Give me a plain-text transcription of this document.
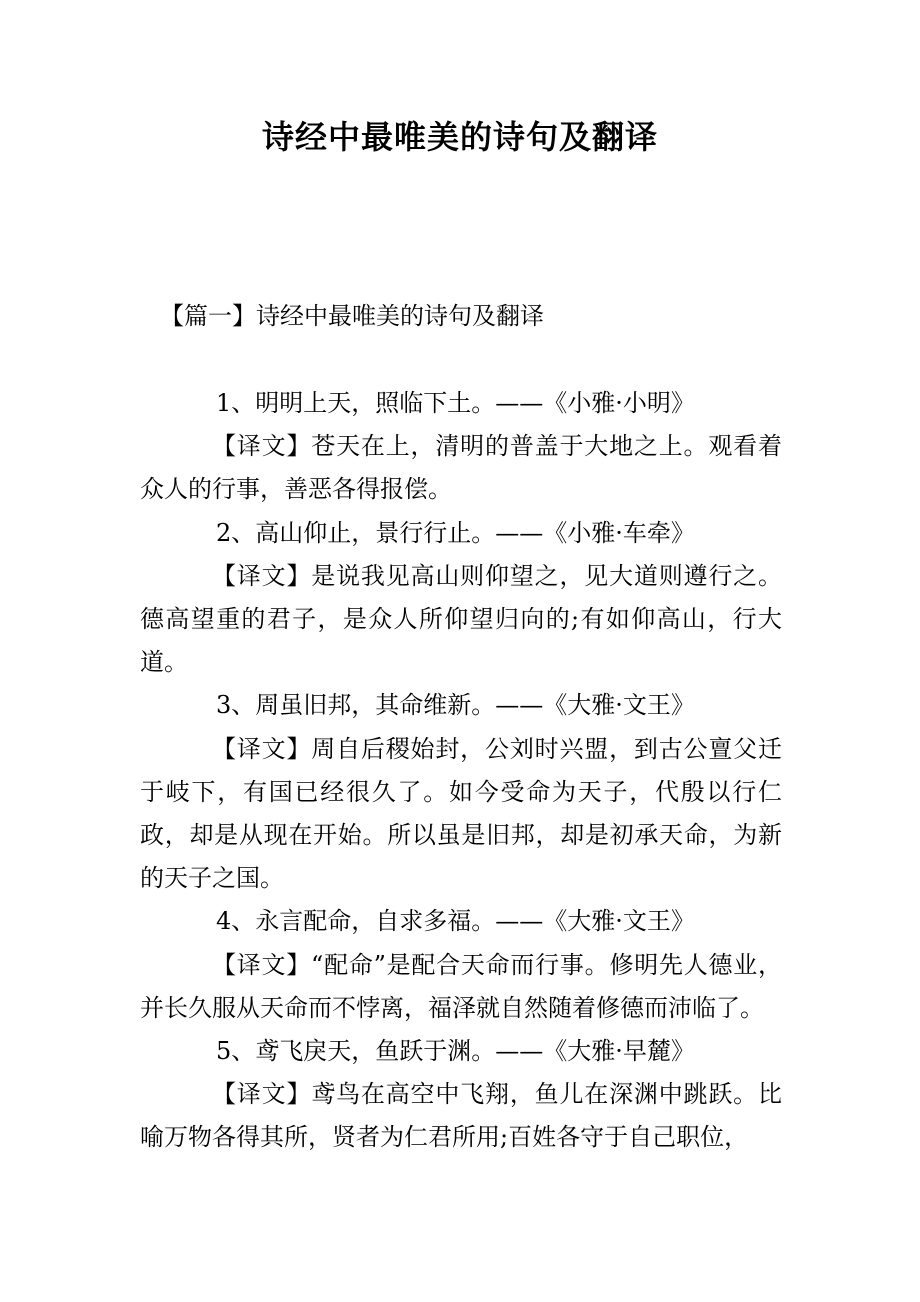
诗经中最唯美的诗句及翻译
【篇一】诗经中最唯美的诗句及翻译

1、明明上天，照临下土。——《小雅·小明》

【译文】苍天在上，清明的普盖于大地之上。观看着众人的行事，善恶各得报偿。

2、高山仰止，景行行止。——《小雅·车牵》

【译文】是说我见高山则仰望之，见大道则遵行之。德高望重的君子，是众人所仰望归向的;有如仰高山，行大道。

3、周虽旧邦，其命维新。——《大雅·文王》

【译文】周自后稷始封，公刘时兴盟，到古公亶父迁于岐下，有国已经很久了。如今受命为天子，代殷以行仁政，却是从现在开始。所以虽是旧邦，却是初承天命，为新的天子之国。

4、永言配命，自求多福。——《大雅·文王》

【译文】“配命”是配合天命而行事。修明先人德业，并长久服从天命而不悖离，福泽就自然随着修德而沛临了。

5、鸢飞戾天，鱼跃于渊。——《大雅·早麓》

【译文】鸢鸟在高空中飞翔，鱼儿在深渊中跳跃。比喻万物各得其所，贤者为仁君所用;百姓各守于自己职位，
